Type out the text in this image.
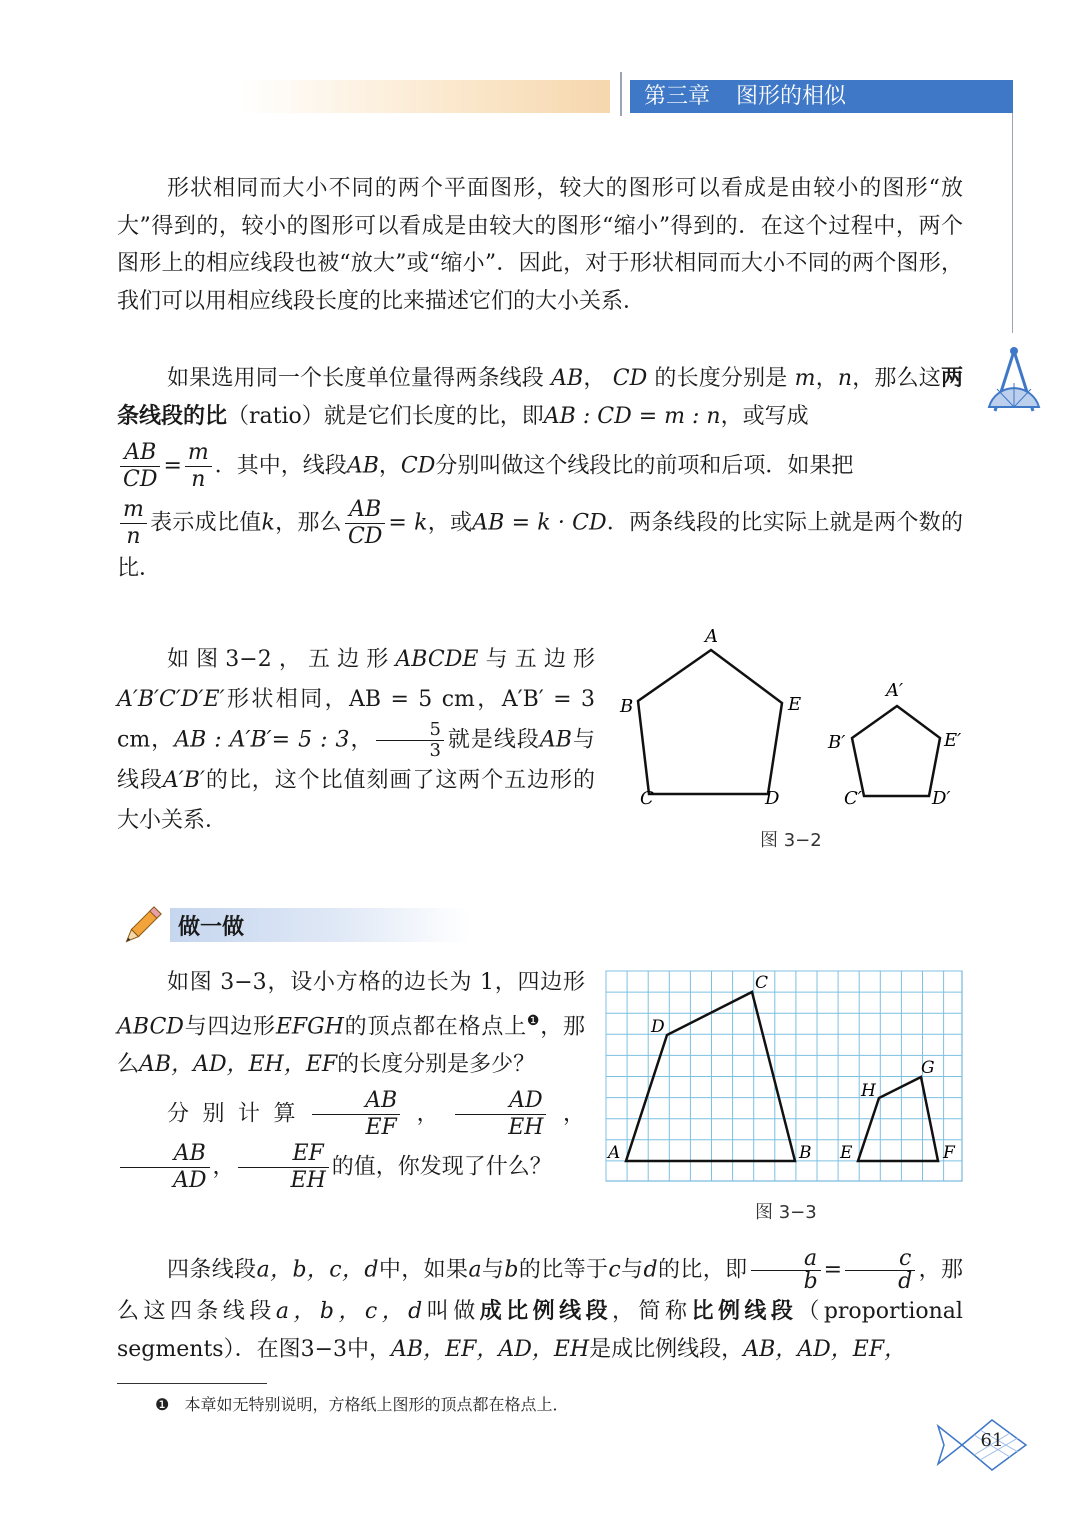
第三章 图形的相似

形状相同而大小不同的两个平面图形，较大的图形可以看成是由较小的图形“放大”得到的，较小的图形可以看成是由较大的图形“缩小”得到的．在这个过程中，两个图形上的相应线段也被“放大”或“缩小”．因此，对于形状相同而大小不同的两个图形，我们可以用相应线段长度的比来描述它们的大小关系．

如果选用同一个长度单位量得两条线段 AB， CD 的长度分别是 m，n，那么这两条线段的比（ratio）就是它们长度的比，即AB : CD = m : n，或写成

$\frac{AB}{CD} = \frac{m}{n}$ ．其中，线段AB，CD分别叫做这个线段比的前项和后项．如果把

$\frac{m}{n}$ 表示成比值k，那么 $\frac{AB}{CD} = k$，或AB = k · CD．两条线段的比实际上就是两个数的比．

如图3−2，五边形ABCDE与五边形A′B′C′D′E′形状相同，AB = 5 cm，A′B′ = 3 cm，AB : A′B′= 5 : 3， $\frac{5}{3}$ 就是线段AB与线段A′B′的比，这个比值刻画了这两个五边形的大小关系．

A
B
C	D
E
A′
B′
C′	D′
E′
图 3−2
做一做

如图 3−3，设小方格的边长为 1，四边形ABCD与四边形EFGH的顶点都在格点上$^❶$，那么AB，AD，EH，EF的长度分别是多少？

分别计算 $\frac{AB}{EF}$ ， $\frac{AD}{EH}$ ，
$\frac{AB}{AD}$ ， $\frac{EF}{EH}$ 的值，你发现了什么？

A	B
C
D
E	F
G
H
图 3−3

四条线段a，b，c，d中，如果a与b的比等于c与d的比，即 $\frac{a}{b} = \frac{c}{d}$ ，那么这四条线段a，b，c，d叫做成比例线段，简称比例线段（proportional segments）．在图3−3中，AB，EF，AD，EH是成比例线段，AB，AD，EF，

❶ 本章如无特别说明，方格纸上图形的顶点都在格点上．
61
